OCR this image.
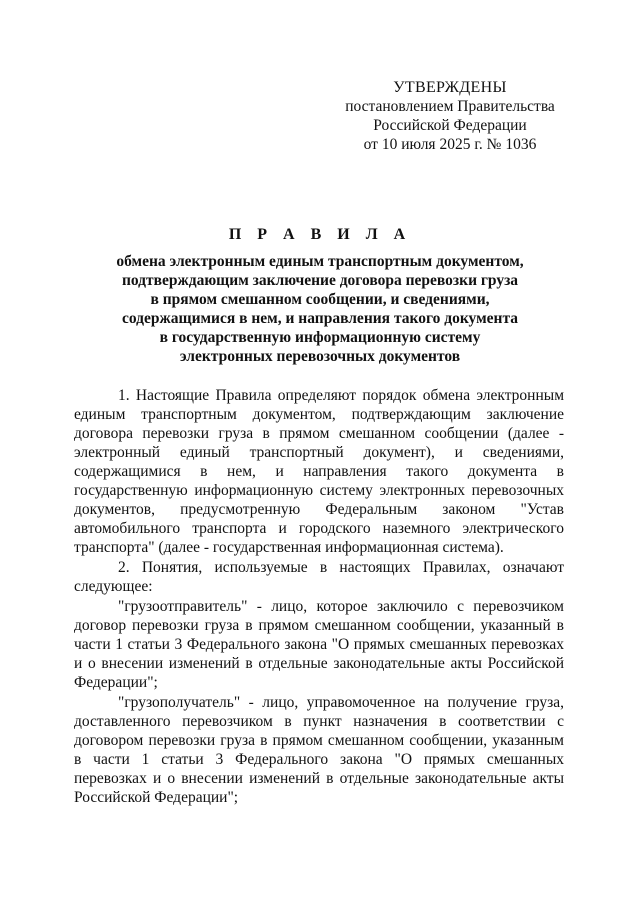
УТВЕРЖДЕНЫ
постановлением Правительства
Российской Федерации
от 10 июля 2025 г. № 1036
П Р А В И Л А
обмена электронным единым транспортным документом,
подтверждающим заключение договора перевозки груза
в прямом смешанном сообщении, и сведениями,
содержащимися в нем, и направления такого документа
в государственную информационную систему
электронных перевозочных документов

1. Настоящие Правила определяют порядок обмена электронным единым транспортным документом, подтверждающим заключение договора перевозки груза в прямом смешанном сообщении (далее - электронный единый транспортный документ), и сведениями, содержащимися в нем, и направления такого документа в государственную информационную систему электронных перевозочных документов, предусмотренную Федеральным законом "Устав автомобильного транспорта и городского наземного электрического транспорта" (далее - государственная информационная система).

2. Понятия, используемые в настоящих Правилах, означают следующее:

"грузоотправитель" - лицо, которое заключило с перевозчиком договор перевозки груза в прямом смешанном сообщении, указанный в части 1 статьи 3 Федерального закона "О прямых смешанных перевозках и о внесении изменений в отдельные законодательные акты Российской Федерации";

"грузополучатель" - лицо, управомоченное на получение груза, доставленного перевозчиком в пункт назначения в соответствии с договором перевозки груза в прямом смешанном сообщении, указанным в части 1 статьи 3 Федерального закона "О прямых смешанных перевозках и о внесении изменений в отдельные законодательные акты Российской Федерации";
